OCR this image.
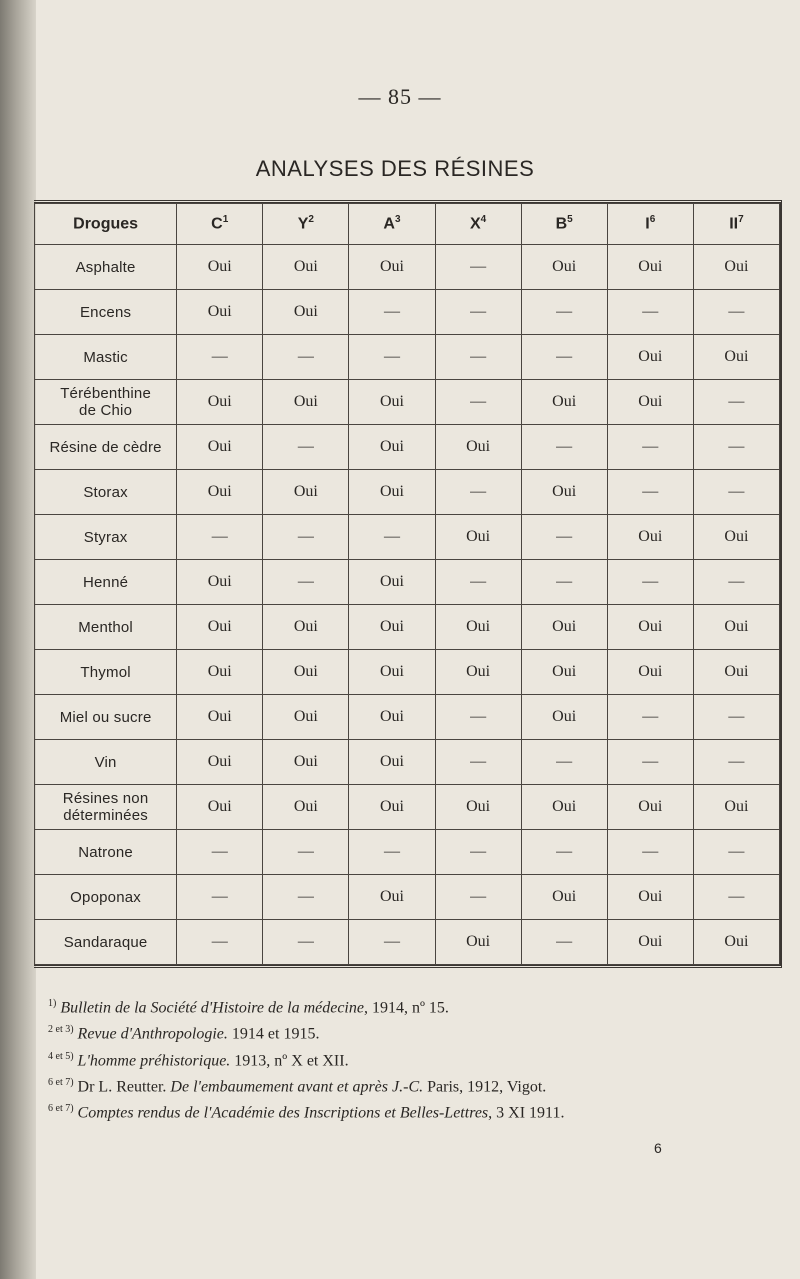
— 85 —
ANALYSES DES RÉSINES
Drogues	$C^1$	$Y^2$	$A^3$	$X^4$	$B^5$	$I^6$	$II^7$
Asphalte	Oui	Oui	Oui	—	Oui	Oui	Oui
Encens	Oui	Oui	—	—	—	—	—
Mastic	—	—	—	—	—	Oui	Oui
Térébenthine
de Chio	Oui	Oui	Oui	—	Oui	Oui	—
Résine de cèdre	Oui	—	Oui	Oui	—	—	—
Storax	Oui	Oui	Oui	—	Oui	—	—
Styrax	—	—	—	Oui	—	Oui	Oui
Henné	Oui	—	Oui	—	—	—	—
Menthol	Oui	Oui	Oui	Oui	Oui	Oui	Oui
Thymol	Oui	Oui	Oui	Oui	Oui	Oui	Oui
Miel ou sucre	Oui	Oui	Oui	—	Oui	—	—
Vin	Oui	Oui	Oui	—	—	—	—
Résines non
déterminées	Oui	Oui	Oui	Oui	Oui	Oui	Oui
Natrone	—	—	—	—	—	—	—
Opoponax	—	—	Oui	—	Oui	Oui	—
Sandaraque	—	—	—	Oui	—	Oui	Oui
$^{1)}$ Bulletin de la Société d'Histoire de la médecine, 1914, nº 15.
$^{2 et 3)}$ Revue d'Anthropologie. 1914 et 1915.
$^{4 et 5)}$ L'homme préhistorique. 1913, nº X et XII.
$^{6 et 7)}$ Dr L. Reutter. De l'embaumement avant et après J.-C. Paris, 1912, Vigot.
$^{6 et 7)}$ Comptes rendus de l'Académie des Inscriptions et Belles-Lettres, 3 XI 1911.
6
